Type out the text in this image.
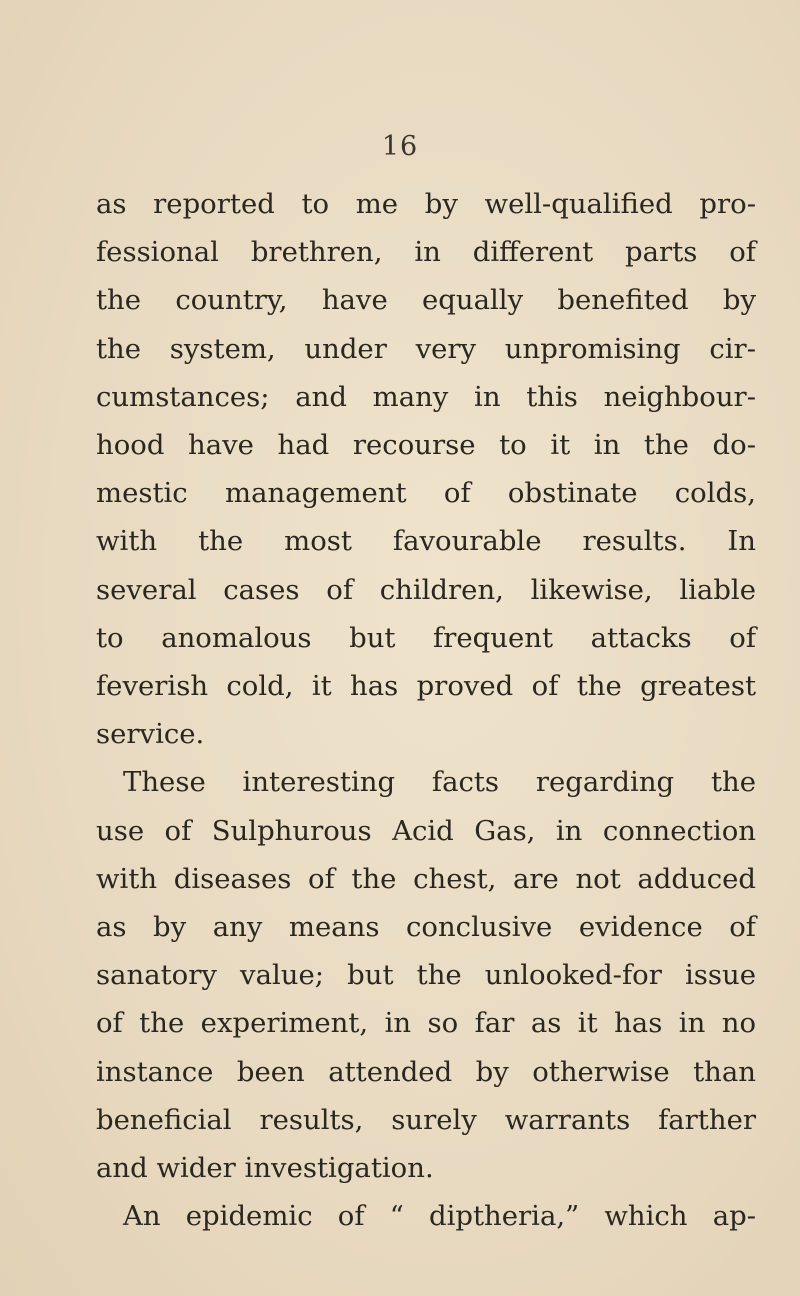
16
as reported to me by well-qualified pro-
fessional brethren, in different parts of
the country, have equally benefited by
the system, under very unpromising cir-
cumstances; and many in this neighbour-
hood have had recourse to it in the do-
mestic management of obstinate colds,
with the most favourable results. In
several cases of children, likewise, liable
to anomalous but frequent attacks of
feverish cold, it has proved of the greatest
service.
These interesting facts regarding the
use of Sulphurous Acid Gas, in connection
with diseases of the chest, are not adduced
as by any means conclusive evidence of
sanatory value; but the unlooked-for issue
of the experiment, in so far as it has in no
instance been attended by otherwise than
beneficial results, surely warrants farther
and wider investigation.
An epidemic of “ diptheria,” which ap-
